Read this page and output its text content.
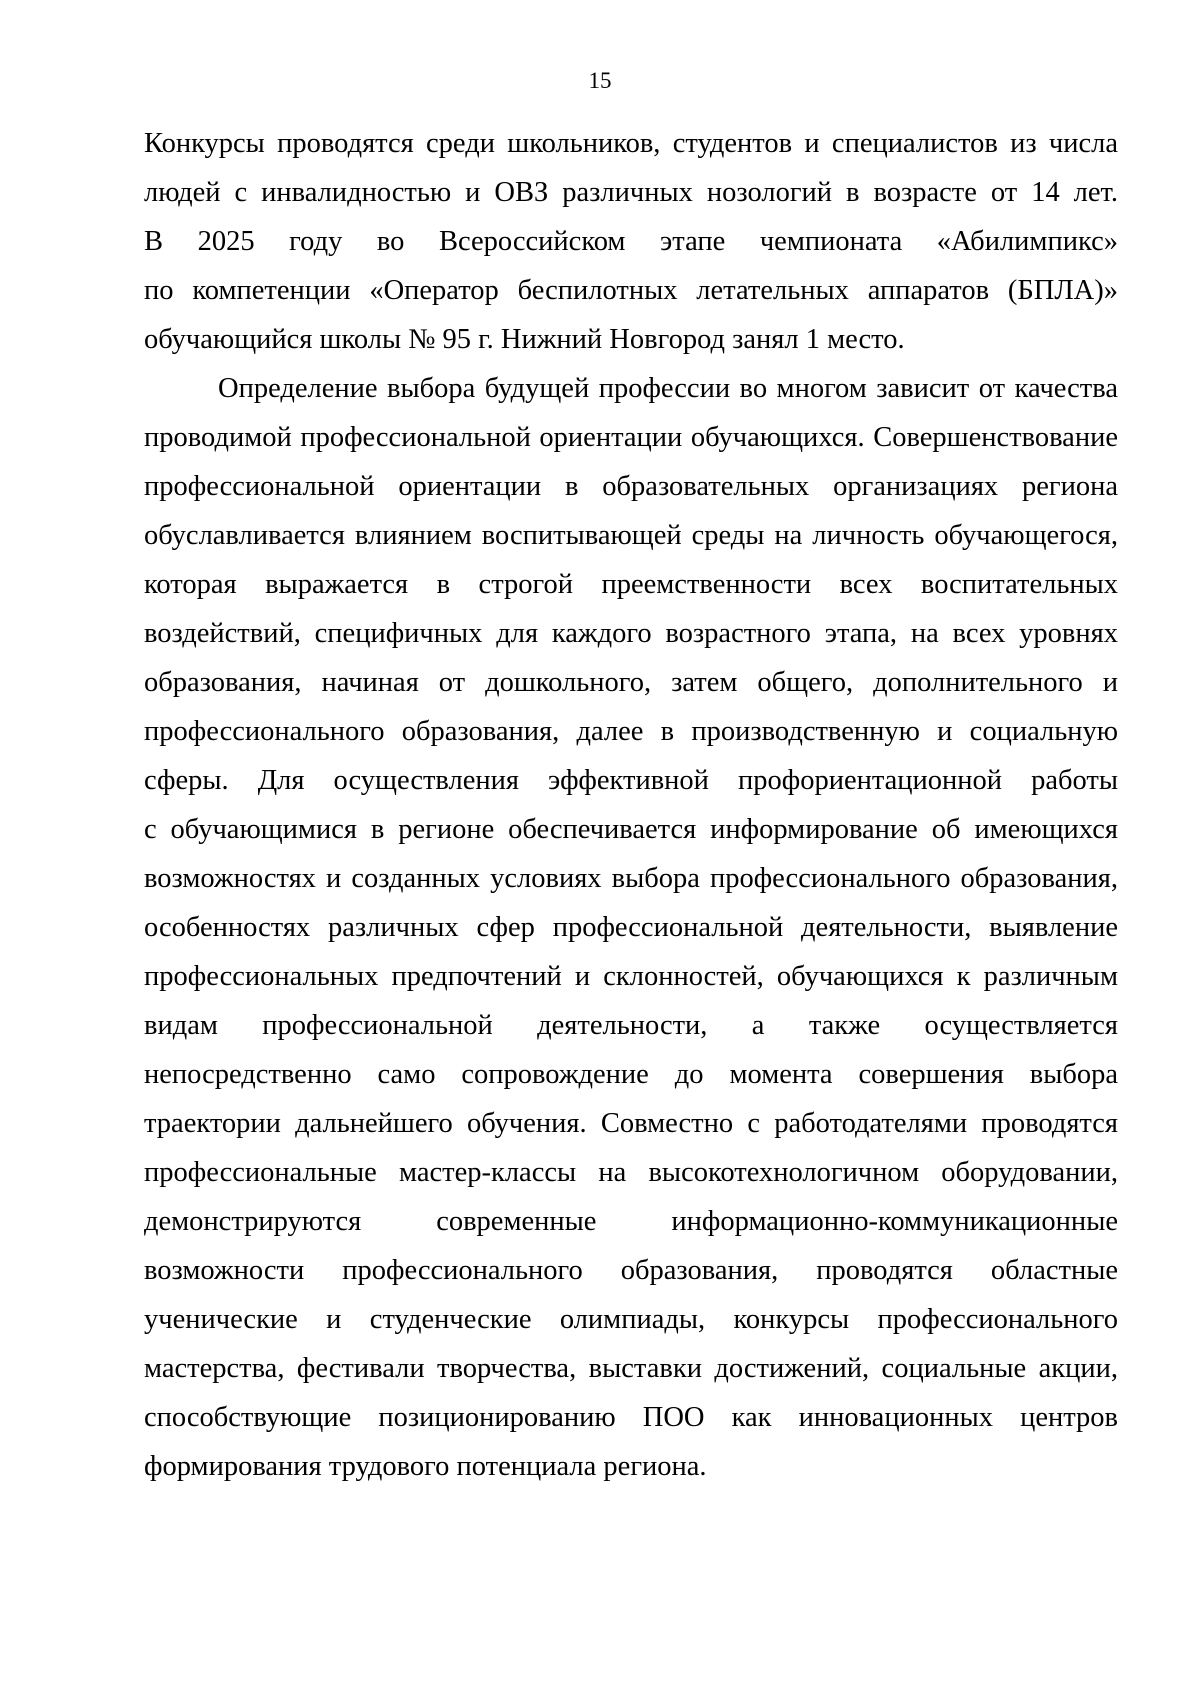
15
Конкурсы проводятся среди школьников, студентов и специалистов из числа
людей с инвалидностью и ОВЗ различных нозологий в возрасте от 14 лет.
В 2025 году во Всероссийском этапе чемпионата «Абилимпикс»
по компетенции «Оператор беспилотных летательных аппаратов (БПЛА)»
обучающийся школы № 95 г. Нижний Новгород занял 1 место.
Определение выбора будущей профессии во многом зависит от качества
проводимой профессиональной ориентации обучающихся. Совершенствование
профессиональной ориентации в образовательных организациях региона
обуславливается влиянием воспитывающей среды на личность обучающегося,
которая выражается в строгой преемственности всех воспитательных
воздействий, специфичных для каждого возрастного этапа, на всех уровнях
образования, начиная от дошкольного, затем общего, дополнительного и
профессионального образования, далее в производственную и социальную
сферы. Для осуществления эффективной профориентационной работы
с обучающимися в регионе обеспечивается информирование об имеющихся
возможностях и созданных условиях выбора профессионального образования,
особенностях различных сфер профессиональной деятельности, выявление
профессиональных предпочтений и склонностей, обучающихся к различным
видам профессиональной деятельности, а также осуществляется
непосредственно само сопровождение до момента совершения выбора
траектории дальнейшего обучения. Совместно с работодателями проводятся
профессиональные мастер-классы на высокотехнологичном оборудовании,
демонстрируются современные информационно-коммуникационные
возможности профессионального образования, проводятся областные
ученические и студенческие олимпиады, конкурсы профессионального
мастерства, фестивали творчества, выставки достижений, социальные акции,
способствующие позиционированию ПОО как инновационных центров
формирования трудового потенциала региона.
